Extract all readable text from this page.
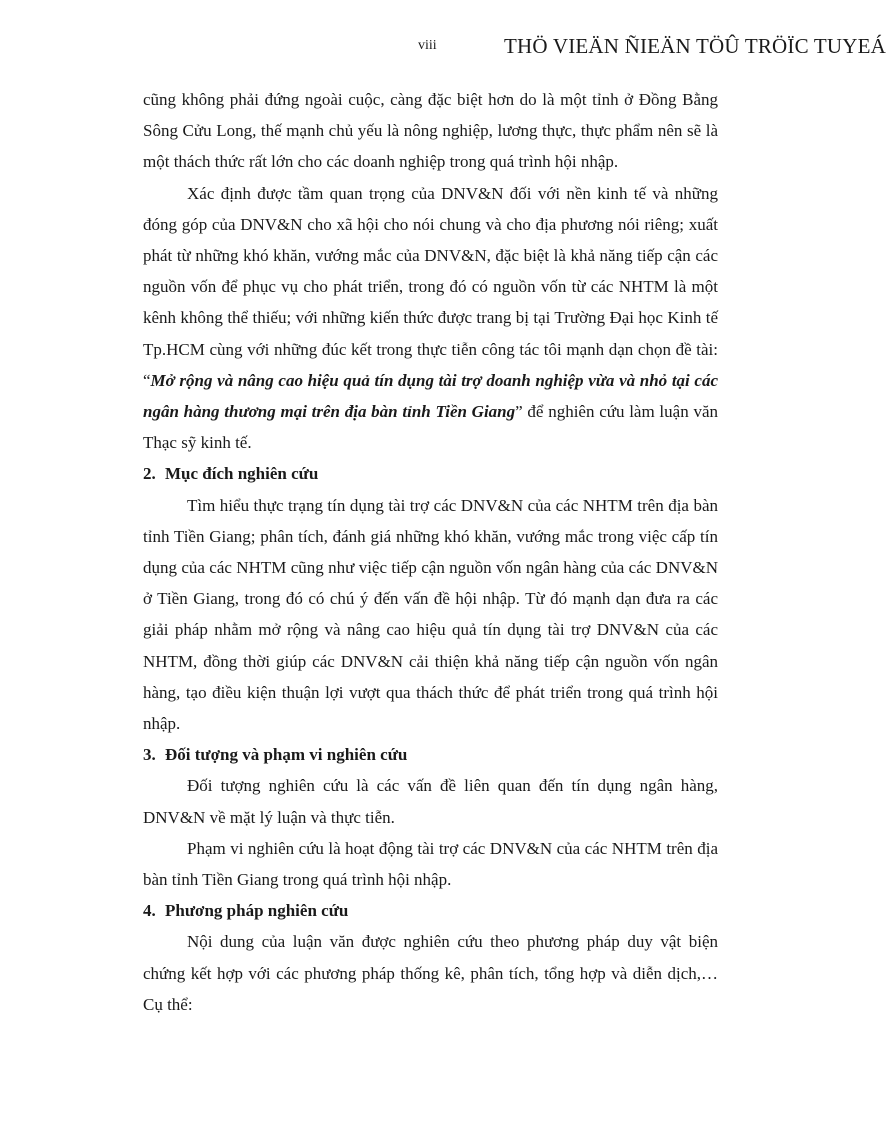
viii	THÖ VIEÄN ÑIEÄN TÖÛ TRÖÏC TUYEÁ

cũng không phải đứng ngoài cuộc, càng đặc biệt hơn do là một tỉnh ở Đồng Bằng Sông Cửu Long, thế mạnh chủ yếu là nông nghiệp, lương thực, thực phẩm nên sẽ là một thách thức rất lớn cho các doanh nghiệp trong quá trình hội nhập.

Xác định được tầm quan trọng của DNV&N đối với nền kinh tế và những đóng góp của DNV&N cho xã hội cho nói chung và cho địa phương nói riêng; xuất phát từ những khó khăn, vướng mắc của DNV&N, đặc biệt là khả năng tiếp cận các nguồn vốn để phục vụ cho phát triển, trong đó có nguồn vốn từ các NHTM là một kênh không thể thiếu; với những kiến thức được trang bị tại Trường Đại học Kinh tế Tp.HCM cùng với những đúc kết trong thực tiễn công tác tôi mạnh dạn chọn đề tài: “Mở rộng và nâng cao hiệu quả tín dụng tài trợ doanh nghiệp vừa và nhỏ tại các ngân hàng thương mại trên địa bàn tỉnh Tiền Giang” để nghiên cứu làm luận văn Thạc sỹ kinh tế.

2. Mục đích nghiên cứu

Tìm hiểu thực trạng tín dụng tài trợ các DNV&N của các NHTM trên địa bàn tỉnh Tiền Giang; phân tích, đánh giá những khó khăn, vướng mắc trong việc cấp tín dụng của các NHTM cũng như việc tiếp cận nguồn vốn ngân hàng của các DNV&N ở Tiền Giang, trong đó có chú ý đến vấn đề hội nhập. Từ đó mạnh dạn đưa ra các giải pháp nhằm mở rộng và nâng cao hiệu quả tín dụng tài trợ DNV&N của các NHTM, đồng thời giúp các DNV&N cải thiện khả năng tiếp cận nguồn vốn ngân hàng, tạo điều kiện thuận lợi vượt qua thách thức để phát triển trong quá trình hội nhập.

3. Đối tượng và phạm vi nghiên cứu

Đối tượng nghiên cứu là các vấn đề liên quan đến tín dụng ngân hàng, DNV&N về mặt lý luận và thực tiễn.

Phạm vi nghiên cứu là hoạt động tài trợ các DNV&N của các NHTM trên địa bàn tỉnh Tiền Giang trong quá trình hội nhập.

4. Phương pháp nghiên cứu

Nội dung của luận văn được nghiên cứu theo phương pháp duy vật biện chứng kết hợp với các phương pháp thống kê, phân tích, tổng hợp và diễn dịch,…Cụ thể:
